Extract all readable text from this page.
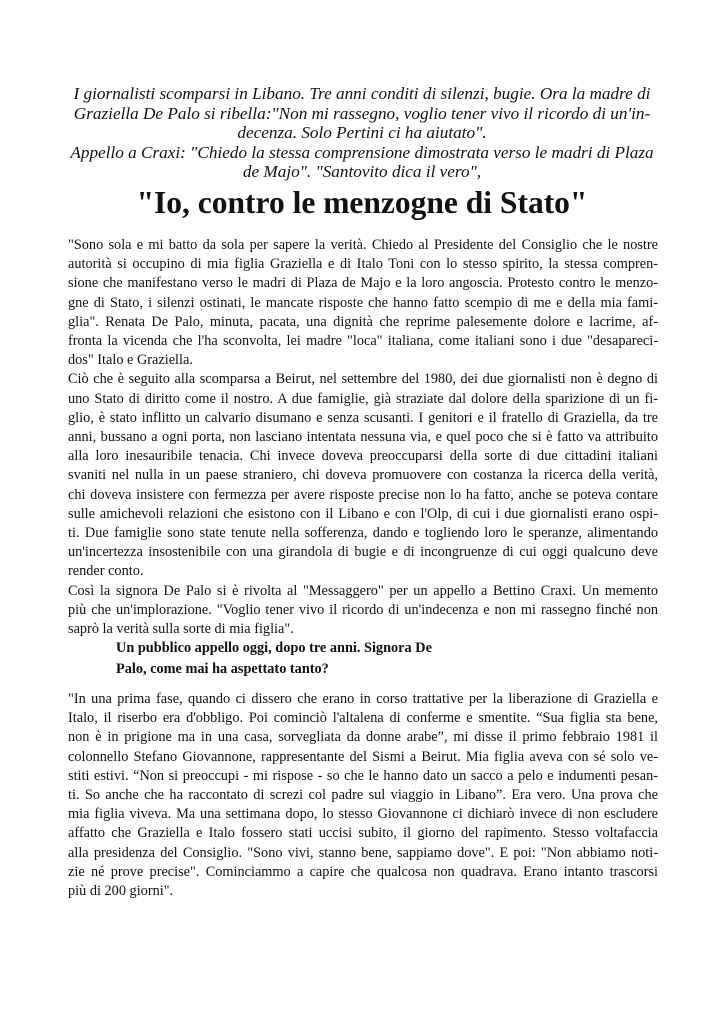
I giornalisti scomparsi in Libano. Tre anni conditi di silenzi, bugie. Ora la madre di
Graziella De Palo si ribella:"Non mi rassegno, voglio tener vivo il ricordo di un'in-
decenza. Solo Pertini ci ha aiutato".
Appello a Craxi: "Chiedo la stessa comprensione dimostrata verso le madri di Plaza
de Majo". "Santovito dica il vero",
"Io, contro le menzogne di Stato"
"Sono sola e mi batto da sola per sapere la verità. Chiedo al Presidente del Consiglio che le nostre
autorità si occupino di mia figlia Graziella e di Italo Toni con lo stesso spirito, la stessa compren-
sione che manifestano verso le madri di Plaza de Majo e la loro angoscia. Protesto contro le menzo-
gne di Stato, i silenzi ostinati, le mancate risposte che hanno fatto scempio di me e della mia fami-
glia". Renata De Palo, minuta, pacata, una dignità che reprime palesemente dolore e lacrime, af-
fronta la vicenda che l'ha sconvolta, lei madre "loca" italiana, come italiani sono i due "desapareci-
dos" Italo e Graziella.
Ciò che è seguito alla scomparsa a Beirut, nel settembre del 1980, dei due giornalisti non è degno di
uno Stato di diritto come il nostro. A due famiglie, già straziate dal dolore della sparizione di un fi-
glio, è stato inflitto un calvario disumano e senza scusanti. I genitori e il fratello di Graziella, da tre
anni, bussano a ogni porta, non lasciano intentata nessuna via, e quel poco che si è fatto va attribuito
alla loro inesauribile tenacia. Chi invece doveva preoccuparsi della sorte di due cittadini italiani
svaniti nel nulla in un paese straniero, chi doveva promuovere con costanza la ricerca della verità,
chi doveva insistere con fermezza per avere risposte precise non lo ha fatto, anche se poteva contare
sulle amichevoli relazioni che esistono con il Libano e con l'Olp, di cui i due giornalisti erano ospi-
ti. Due famiglie sono state tenute nella sofferenza, dando e togliendo loro le speranze, alimentando
un'incertezza insostenibile con una girandola di bugie e di incongruenze di cui oggi qualcuno deve
render conto.
Così la signora De Palo si è rivolta al "Messaggero" per un appello a Bettino Craxi. Un memento
più che un'implorazione. "Voglio tener vivo il ricordo di un'indecenza e non mi rassegno finché non
saprò la verità sulla sorte di mia figlia".
Un pubblico appello oggi, dopo tre anni. Signora De
Palo, come mai ha aspettato tanto?
"In una prima fase, quando ci dissero che erano in corso trattative per la liberazione di Graziella e
Italo, il riserbo era d'obbligo. Poi cominciò l'altalena di conferme e smentite. “Sua figlia sta bene,
non è in prigione ma in una casa, sorvegliata da donne arabe”, mi disse il primo febbraio 1981 il
colonnello Stefano Giovannone, rappresentante del Sismi a Beirut. Mia figlia aveva con sé solo ve-
stiti estivi. “Non si preoccupi - mi rispose - so che le hanno dato un sacco a pelo e indumenti pesan-
ti. So anche che ha raccontato di screzi col padre sul viaggio in Libano”. Era vero. Una prova che
mia figlia viveva. Ma una settimana dopo, lo stesso Giovannone ci dichiarò invece di non escludere
affatto che Graziella e Italo fossero stati uccisi subito, il giorno del rapimento. Stesso voltafaccia
alla presidenza del Consiglio. "Sono vivi, stanno bene, sappiamo dove". E poi: "Non abbiamo noti-
zie né prove precise". Cominciammo a capire che qualcosa non quadrava. Erano intanto trascorsi
più di 200 giorni".
